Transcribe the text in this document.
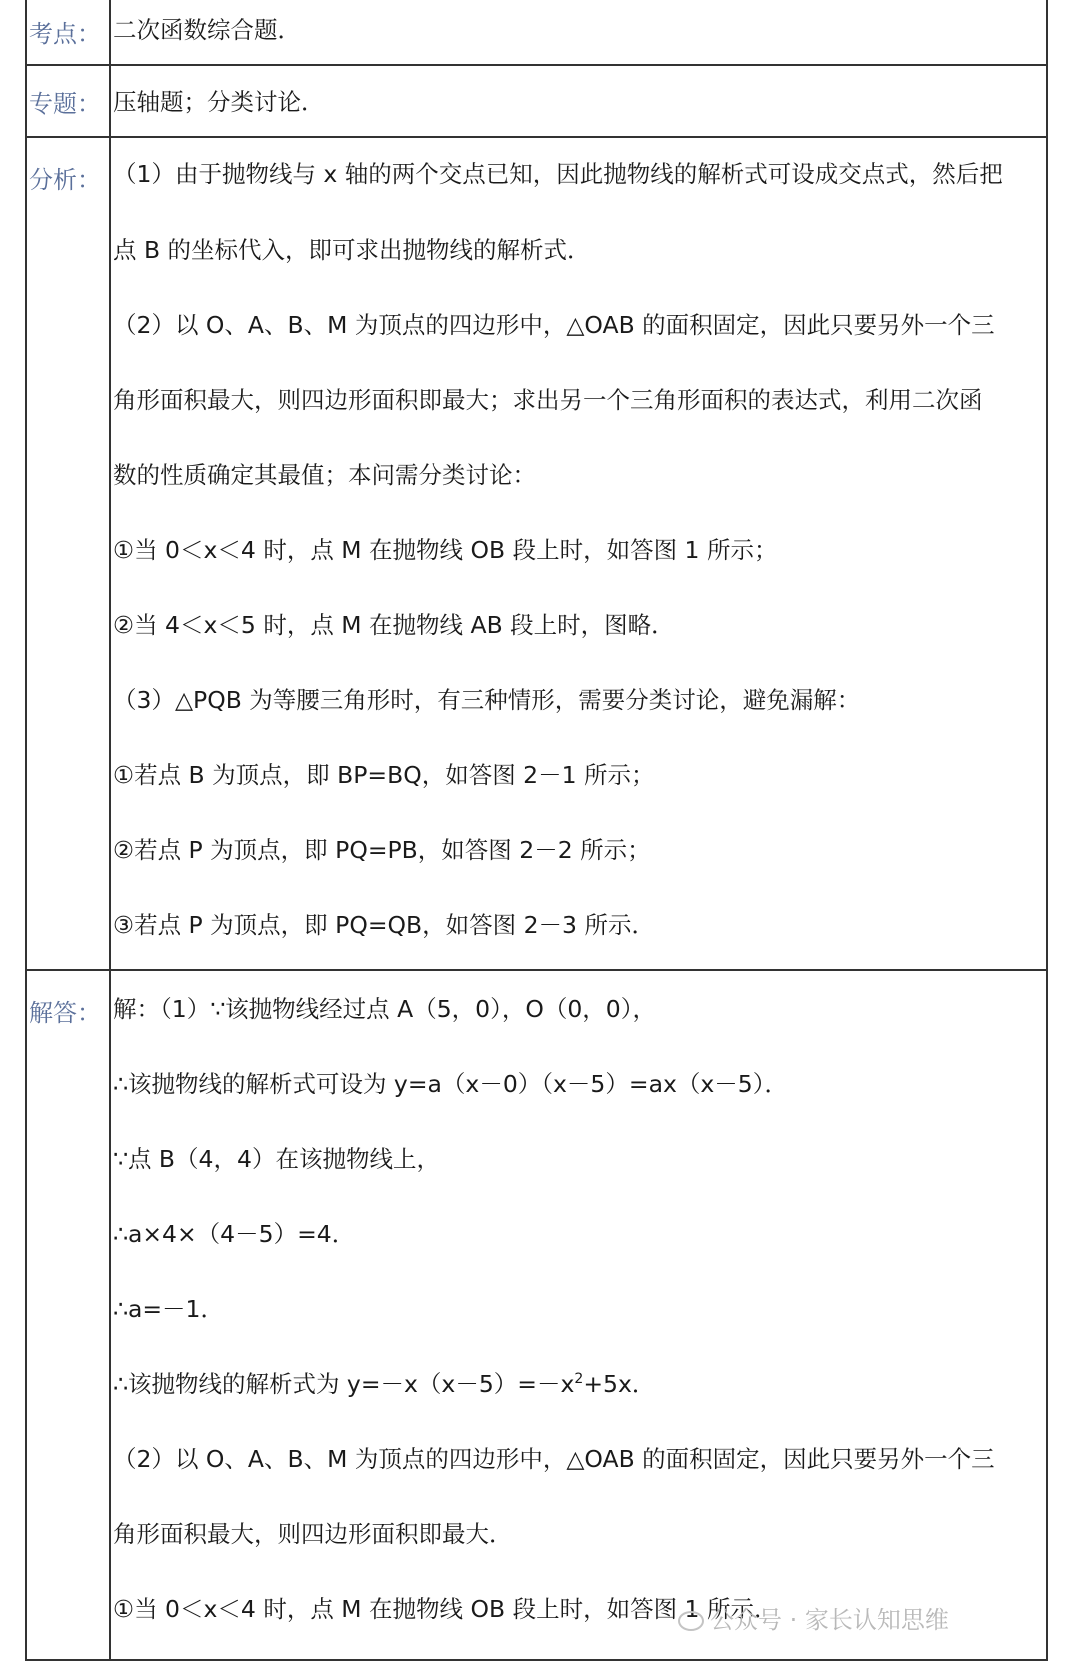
考点： 二次函数综合题．
专题： 压轴题；分类讨论．
分析： （1）由于抛物线与 x 轴的两个交点已知，因此抛物线的解析式可设成交点式，然后把
点 B 的坐标代入，即可求出抛物线的解析式．
（2）以 O、A、B、M 为顶点的四边形中，△OAB 的面积固定，因此只要另外一个三
角形面积最大，则四边形面积即最大；求出另一个三角形面积的表达式，利用二次函
数的性质确定其最值；本问需分类讨论：
①当 0＜x＜4 时，点 M 在抛物线 OB 段上时，如答图 1 所示；
②当 4＜x＜5 时，点 M 在抛物线 AB 段上时，图略．
（3）△PQB 为等腰三角形时，有三种情形，需要分类讨论，避免漏解：
①若点 B 为顶点，即 BP=BQ，如答图 2－1 所示；
②若点 P 为顶点，即 PQ=PB，如答图 2－2 所示；
③若点 P 为顶点，即 PQ=QB，如答图 2－3 所示．
解答： 解：（1）∵该抛物线经过点 A（5，0），O（0，0），
∴该抛物线的解析式可设为 y=a（x－0）（x－5）=ax（x－5）．
∵点 B（4，4）在该抛物线上，
∴a×4×（4－5）=4．
∴a=－1．
∴该抛物线的解析式为 $y=-x(x-5)=-x^2+5x$．
（2）以 O、A、B、M 为顶点的四边形中，△OAB 的面积固定，因此只要另外一个三
角形面积最大，则四边形面积即最大．
①当 0＜x＜4 时，点 M 在抛物线 OB 段上时，如答图 1 所示．
公众号 · 家长认知思维
